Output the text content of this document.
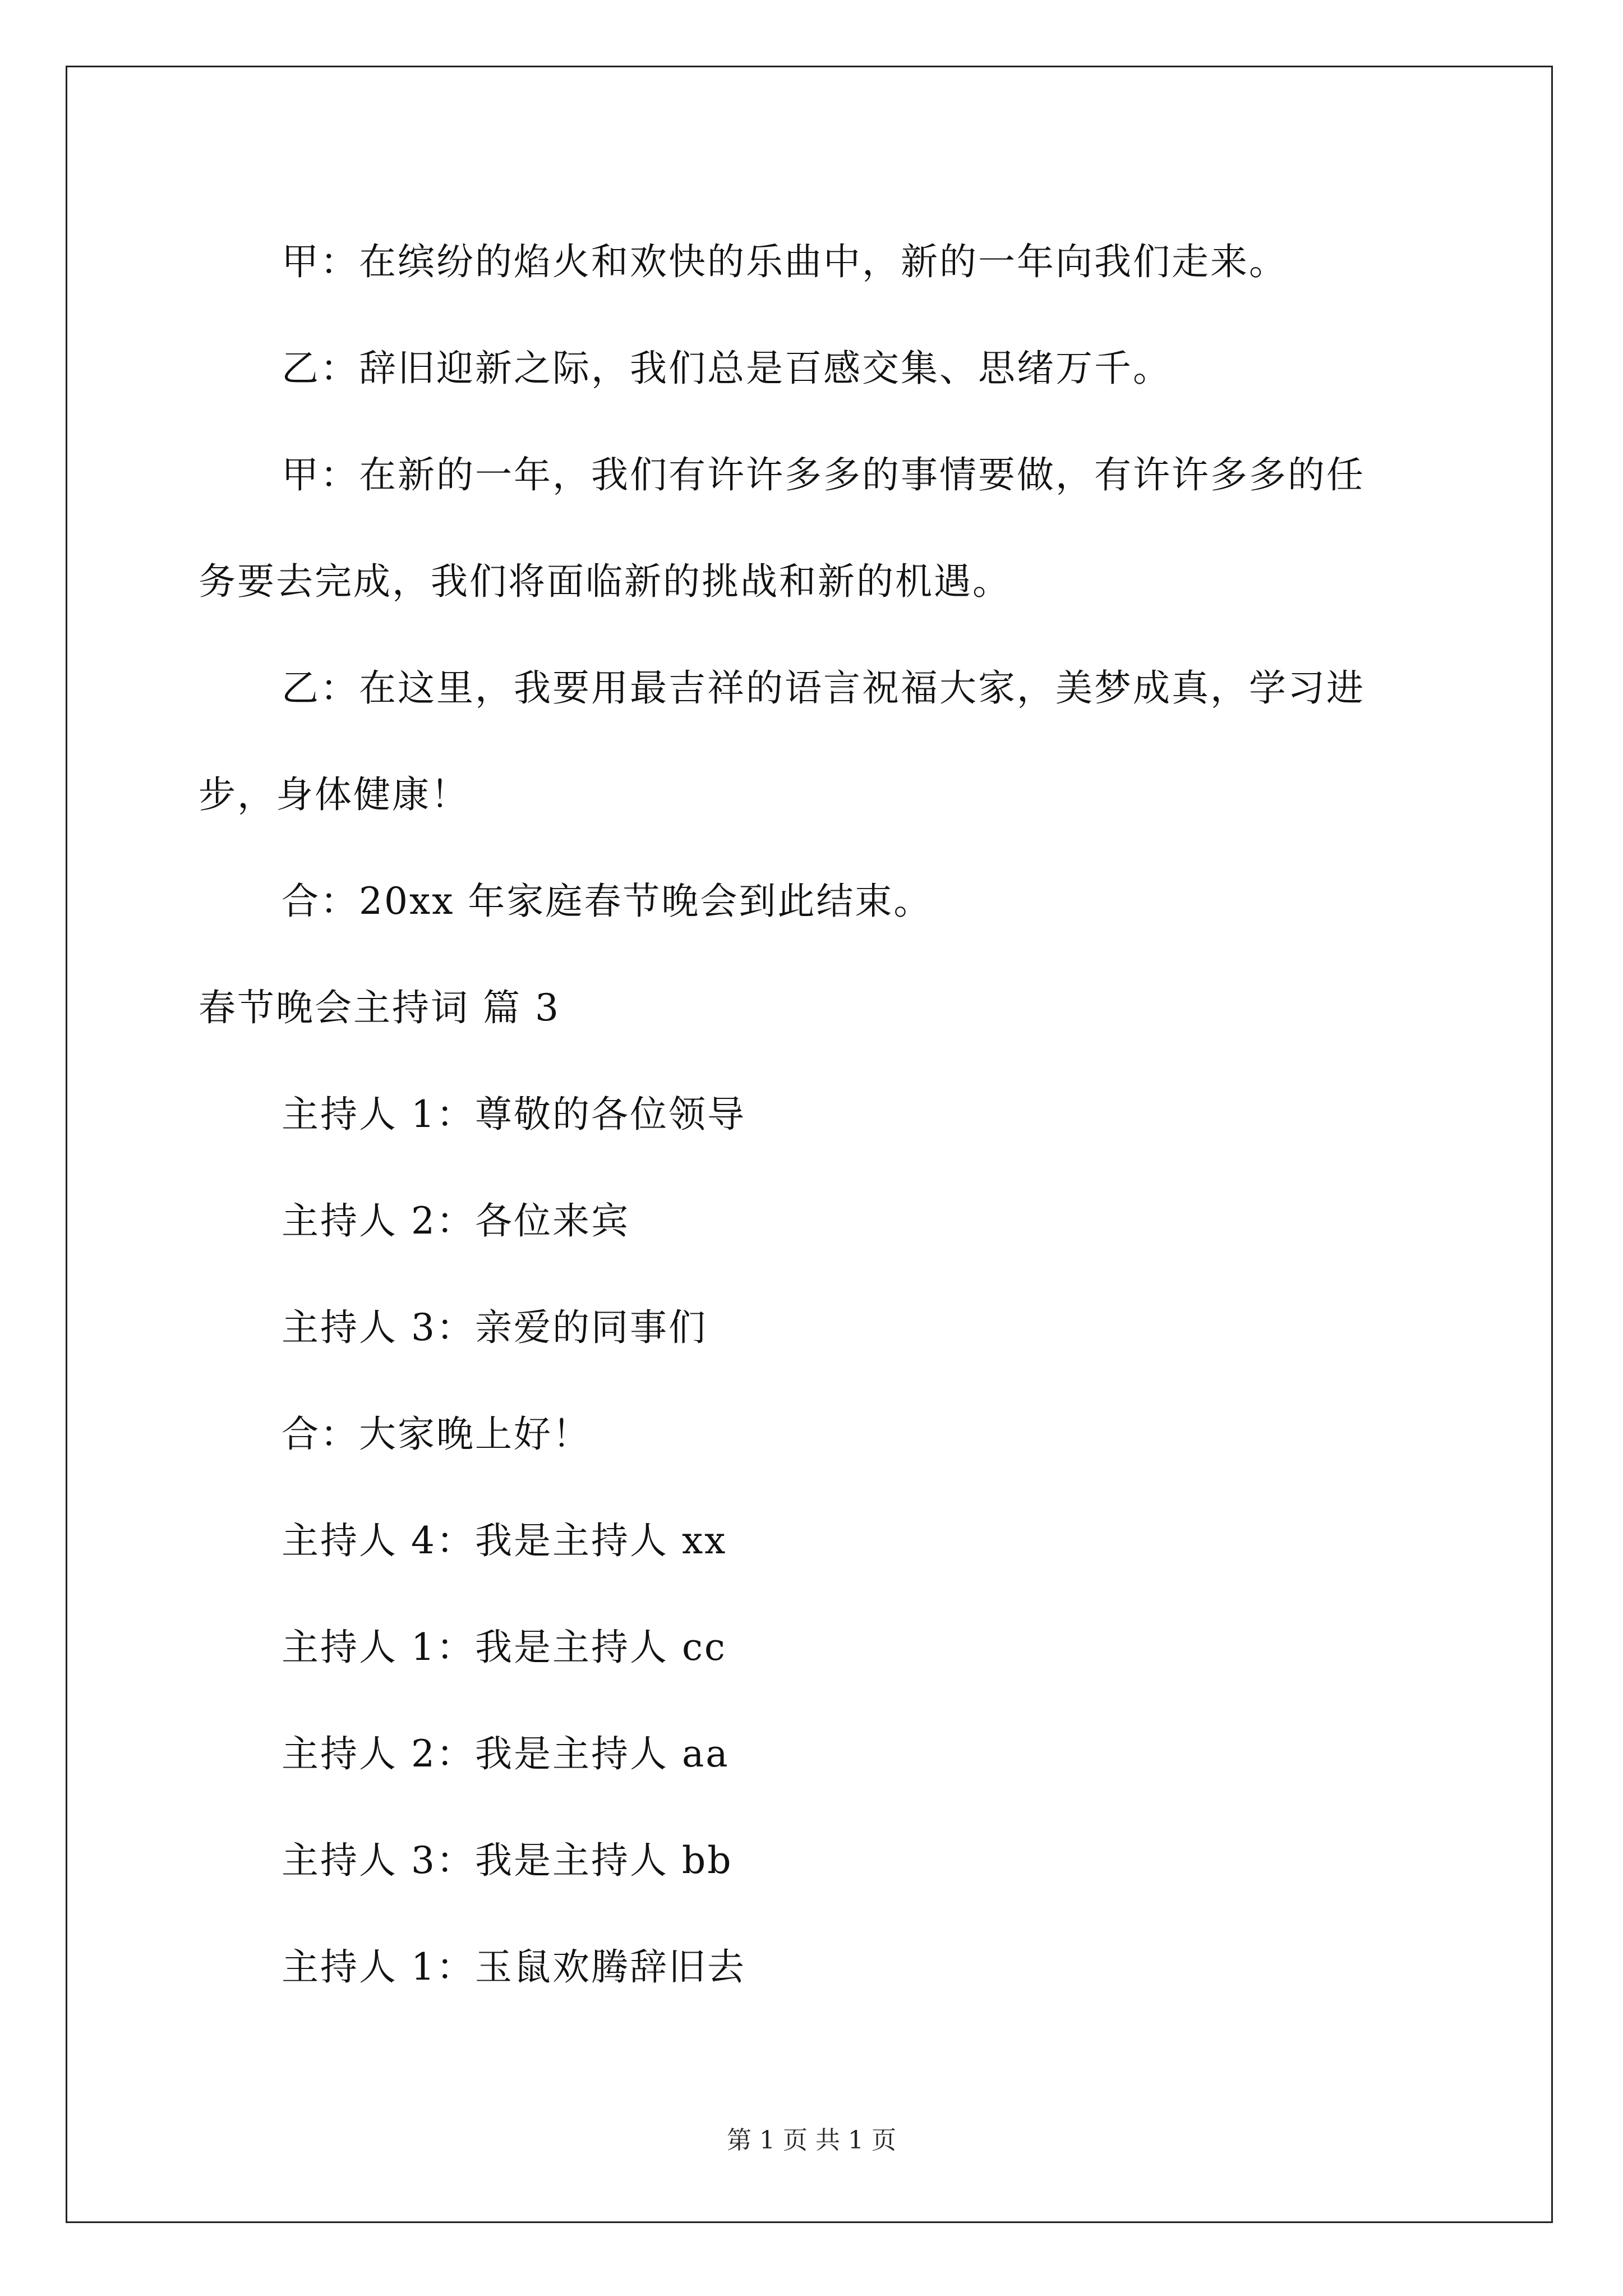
甲：在缤纷的焰火和欢快的乐曲中，新的一年向我们走来。

乙：辞旧迎新之际，我们总是百感交集、思绪万千。

甲：在新的一年，我们有许许多多的事情要做，有许许多多的任

务要去完成，我们将面临新的挑战和新的机遇。

乙：在这里，我要用最吉祥的语言祝福大家，美梦成真，学习进

步，身体健康！

合：20xx 年家庭春节晚会到此结束。

春节晚会主持词 篇 3

主持人 1：尊敬的各位领导

主持人 2：各位来宾

主持人 3：亲爱的同事们

合：大家晚上好！

主持人 4：我是主持人 xx

主持人 1：我是主持人 cc

主持人 2：我是主持人 aa

主持人 3：我是主持人 bb

主持人 1：玉鼠欢腾辞旧去

第 1 页 共 1 页
